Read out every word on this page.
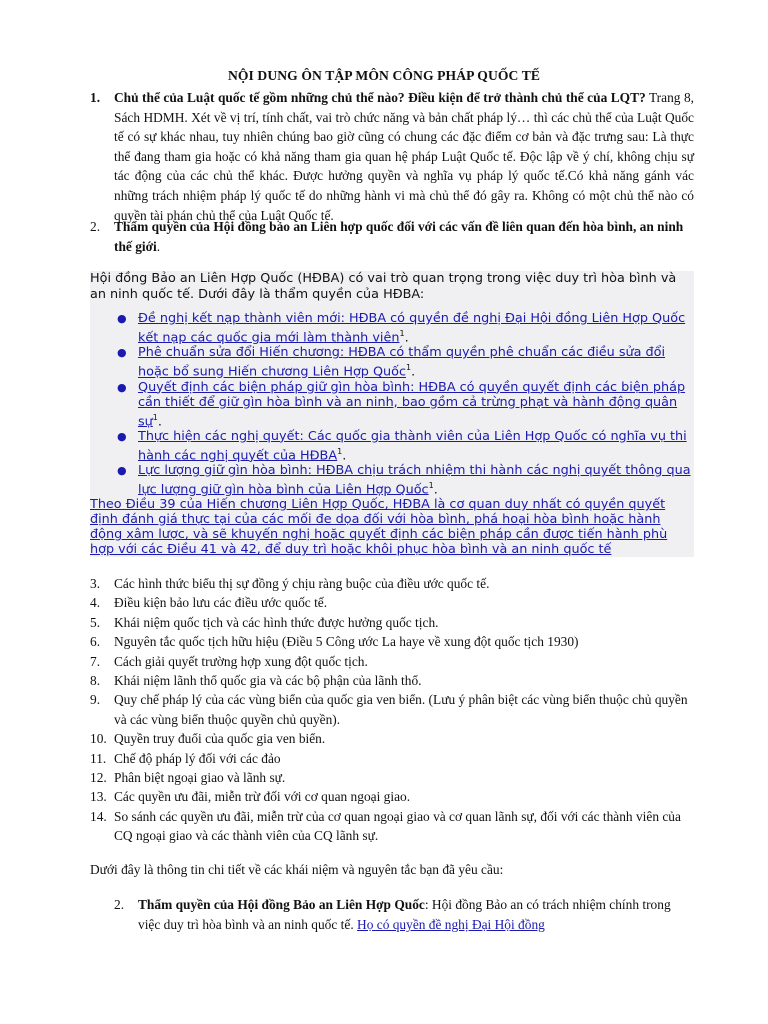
NỘI DUNG ÔN TẬP MÔN CÔNG PHÁP QUỐC TẾ
1. Chủ thể của Luật quốc tế gồm những chủ thể nào? Điều kiện để trở thành chủ thể của LQT? Trang 8, Sách HDMH. Xét về vị trí, tính chất, vai trò chức năng và bản chất pháp lý… thì các chủ thể của Luật Quốc tế có sự khác nhau, tuy nhiên chúng bao giờ cũng có chung các đặc điểm cơ bản và đặc trưng sau: Là thực thể đang tham gia hoặc có khả năng tham gia quan hệ pháp Luật Quốc tế. Độc lập về ý chí, không chịu sự tác động của các chủ thể khác. Được hưởng quyền và nghĩa vụ pháp lý quốc tế.Có khả năng gánh vác những trách nhiệm pháp lý quốc tế do những hành vi mà chủ thể đó gây ra. Không có một chủ thể nào có quyền tài phán chủ thể của Luật Quốc tế.
2. Thẩm quyền của Hội đồng bảo an Liên hợp quốc đối với các vấn đề liên quan đến hòa bình, an ninh thế giới.

Hội đồng Bảo an Liên Hợp Quốc (HĐBA) có vai trò quan trọng trong việc duy trì hòa bình và an ninh quốc tế. Dưới đây là thẩm quyền của HĐBA:

● Đề nghị kết nạp thành viên mới: HĐBA có quyền đề nghị Đại Hội đồng Liên Hợp Quốc kết nạp các quốc gia mới làm thành viên$^1$.
● Phê chuẩn sửa đổi Hiến chương: HĐBA có thẩm quyền phê chuẩn các điều sửa đổi hoặc bổ sung Hiến chương Liên Hợp Quốc$^1$.
● Quyết định các biện pháp giữ gìn hòa bình: HĐBA có quyền quyết định các biện pháp cần thiết để giữ gìn hòa bình và an ninh, bao gồm cả trừng phạt và hành động quân sự$^1$.
● Thực hiện các nghị quyết: Các quốc gia thành viên của Liên Hợp Quốc có nghĩa vụ thi hành các nghị quyết của HĐBA$^1$.
● Lực lượng giữ gìn hòa bình: HĐBA chịu trách nhiệm thi hành các nghị quyết thông qua lực lượng giữ gìn hòa bình của Liên Hợp Quốc$^1$.
Theo Điều 39 của Hiến chương Liên Hợp Quốc, HĐBA là cơ quan duy nhất có quyền quyết định đánh giá thực tại của các mối đe dọa đối với hòa bình, phá hoại hòa bình hoặc hành động xâm lược, và sẽ khuyến nghị hoặc quyết định các biện pháp cần được tiến hành phù hợp với các Điều 41 và 42, để duy trì hoặc khôi phục hòa bình và an ninh quốc tế
3. Các hình thức biểu thị sự đồng ý chịu ràng buộc của điều ước quốc tế.
4. Điều kiện bảo lưu các điều ước quốc tế.
5. Khái niệm quốc tịch và các hình thức được hưởng quốc tịch.
6. Nguyên tắc quốc tịch hữu hiệu (Điều 5 Công ước La haye về xung đột quốc tịch 1930)
7. Cách giải quyết trường hợp xung đột quốc tịch.
8. Khái niệm lãnh thổ quốc gia và các bộ phận của lãnh thổ.
9. Quy chế pháp lý của các vùng biển của quốc gia ven biển. (Lưu ý phân biệt các vùng biển thuộc chủ quyền và các vùng biển thuộc quyền chủ quyền).
10. Quyền truy đuổi của quốc gia ven biển.
11. Chế độ pháp lý đối với các đảo
12. Phân biệt ngoại giao và lãnh sự.
13. Các quyền ưu đãi, miễn trừ đối với cơ quan ngoại giao.
14. So sánh các quyền ưu đãi, miễn trừ của cơ quan ngoại giao và cơ quan lãnh sự, đối với các thành viên của CQ ngoại giao và các thành viên của CQ lãnh sự.
Dưới đây là thông tin chi tiết về các khái niệm và nguyên tắc bạn đã yêu cầu:
2. Thẩm quyền của Hội đồng Bảo an Liên Hợp Quốc: Hội đồng Bảo an có trách nhiệm chính trong việc duy trì hòa bình và an ninh quốc tế. Họ có quyền đề nghị Đại Hội đồng
